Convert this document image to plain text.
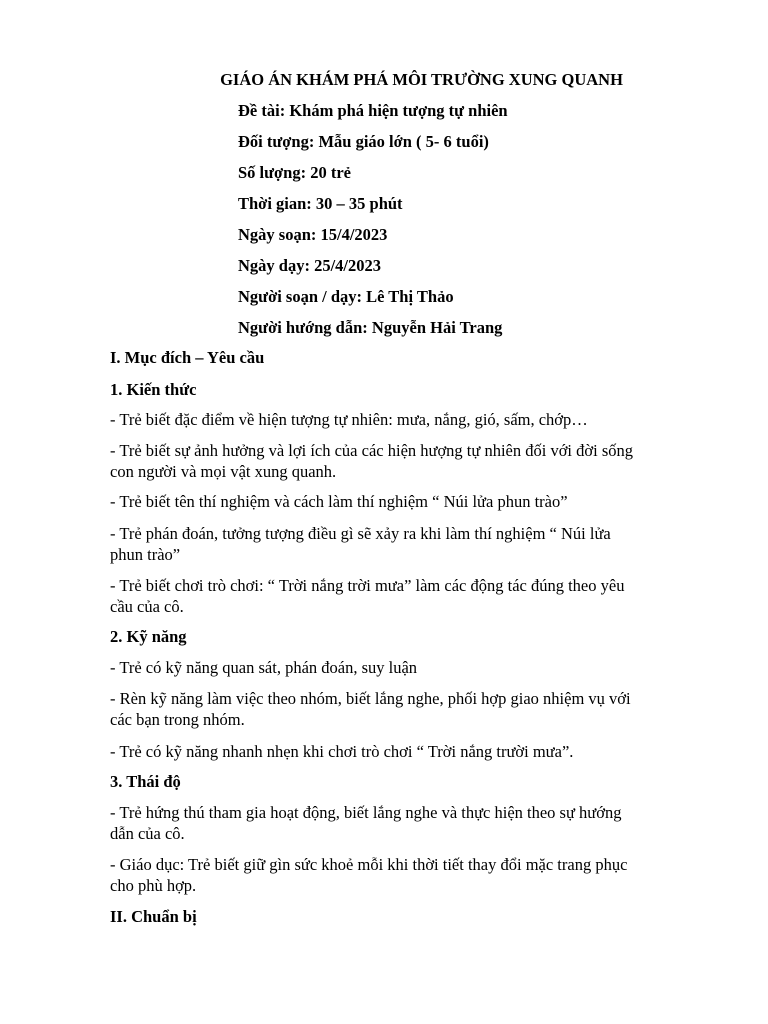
GIÁO ÁN KHÁM PHÁ MÔI TRƯỜNG XUNG QUANH
Đề tài: Khám phá hiện tượng tự nhiên
Đối tượng: Mẫu giáo lớn ( 5- 6 tuổi)
Số lượng: 20 trẻ
Thời gian: 30 – 35 phút
Ngày soạn: 15/4/2023
Ngày dạy: 25/4/2023
Người soạn / dạy: Lê Thị Thảo
Người hướng dẫn: Nguyễn Hải Trang
I. Mục đích – Yêu cầu
1. Kiến thức
- Trẻ biết đặc điểm về hiện tượng tự nhiên: mưa, nắng, gió, sấm, chớp…
- Trẻ biết sự ảnh hưởng và lợi ích của các hiện hượng tự nhiên đối với đời sống
con người và mọi vật xung quanh.
- Trẻ biết tên thí nghiệm và cách làm thí nghiệm “ Núi lửa phun trào”
- Trẻ phán đoán, tưởng tượng điều gì sẽ xảy ra khi làm thí nghiệm “ Núi lửa
phun trào”
- Trẻ biết chơi trò chơi: “ Trời nắng trời mưa” làm các động tác đúng theo yêu
cầu của cô.
2. Kỹ năng
- Trẻ có kỹ năng quan sát, phán đoán, suy luận
- Rèn kỹ năng làm việc theo nhóm, biết lắng nghe, phối hợp giao nhiệm vụ với
các bạn trong nhóm.
- Trẻ có kỹ năng nhanh nhẹn khi chơi trò chơi “ Trời nắng trười mưa”.
3. Thái độ
- Trẻ hứng thú tham gia hoạt động, biết lắng nghe và thực hiện theo sự hướng
dẫn của cô.
- Giáo dục: Trẻ biết giữ gìn sức khoẻ mỗi khi thời tiết thay đổi mặc trang phục
cho phù hợp.
II. Chuẩn bị
